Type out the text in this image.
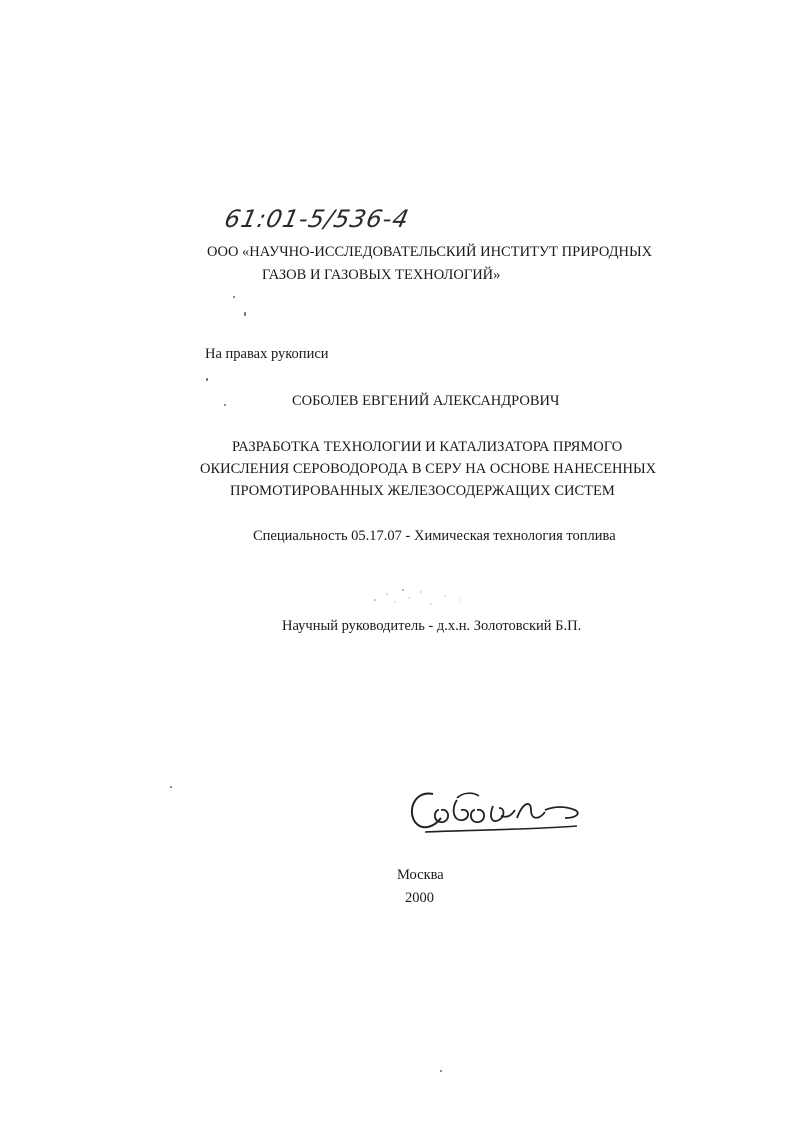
61:01-5/536-4
ООО «НАУЧНО-ИССЛЕДОВАТЕЛЬСКИЙ ИНСТИТУТ ПРИРОДНЫХ
ГАЗОВ И ГАЗОВЫХ ТЕХНОЛОГИЙ»
На правах рукописи
СОБОЛЕВ ЕВГЕНИЙ АЛЕКСАНДРОВИЧ
РАЗРАБОТКА ТЕХНОЛОГИИ И КАТАЛИЗАТОРА ПРЯМОГО
ОКИСЛЕНИЯ СЕРОВОДОРОДА В СЕРУ НА ОСНОВЕ НАНЕСЕННЫХ
ПРОМОТИРОВАННЫХ ЖЕЛЕЗОСОДЕРЖАЩИХ СИСТЕМ
Специальность 05.17.07 - Химическая технология топлива
Научный руководитель - д.х.н. Золотовский Б.П.
Москва
2000
